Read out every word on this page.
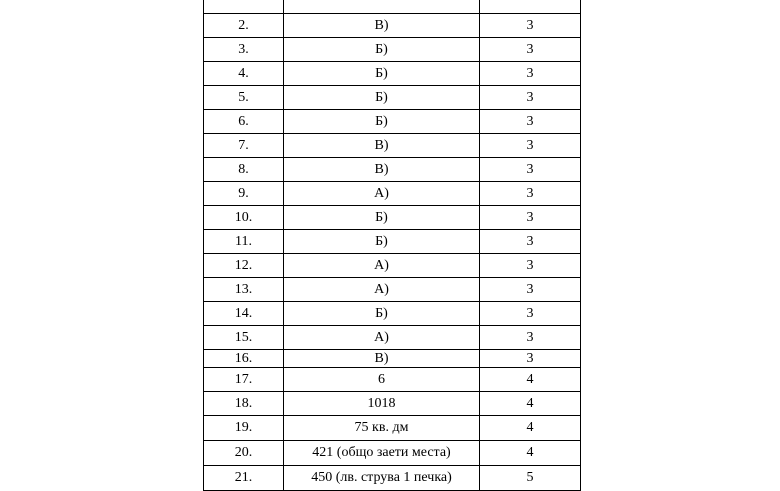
2.	В)	3
3.	Б)	3
4.	Б)	3
5.	Б)	3
6.	Б)	3
7.	В)	3
8.	В)	3
9.	А)	3
10.	Б)	3
11.	Б)	3
12.	А)	3
13.	А)	3
14.	Б)	3
15.	А)	3
16.	В)	3
17.	6	4
18.	1018	4
19.	75 кв. дм	4
20.	421 (общо заети места)	4
21.	450 (лв. струва 1 печка)	5
